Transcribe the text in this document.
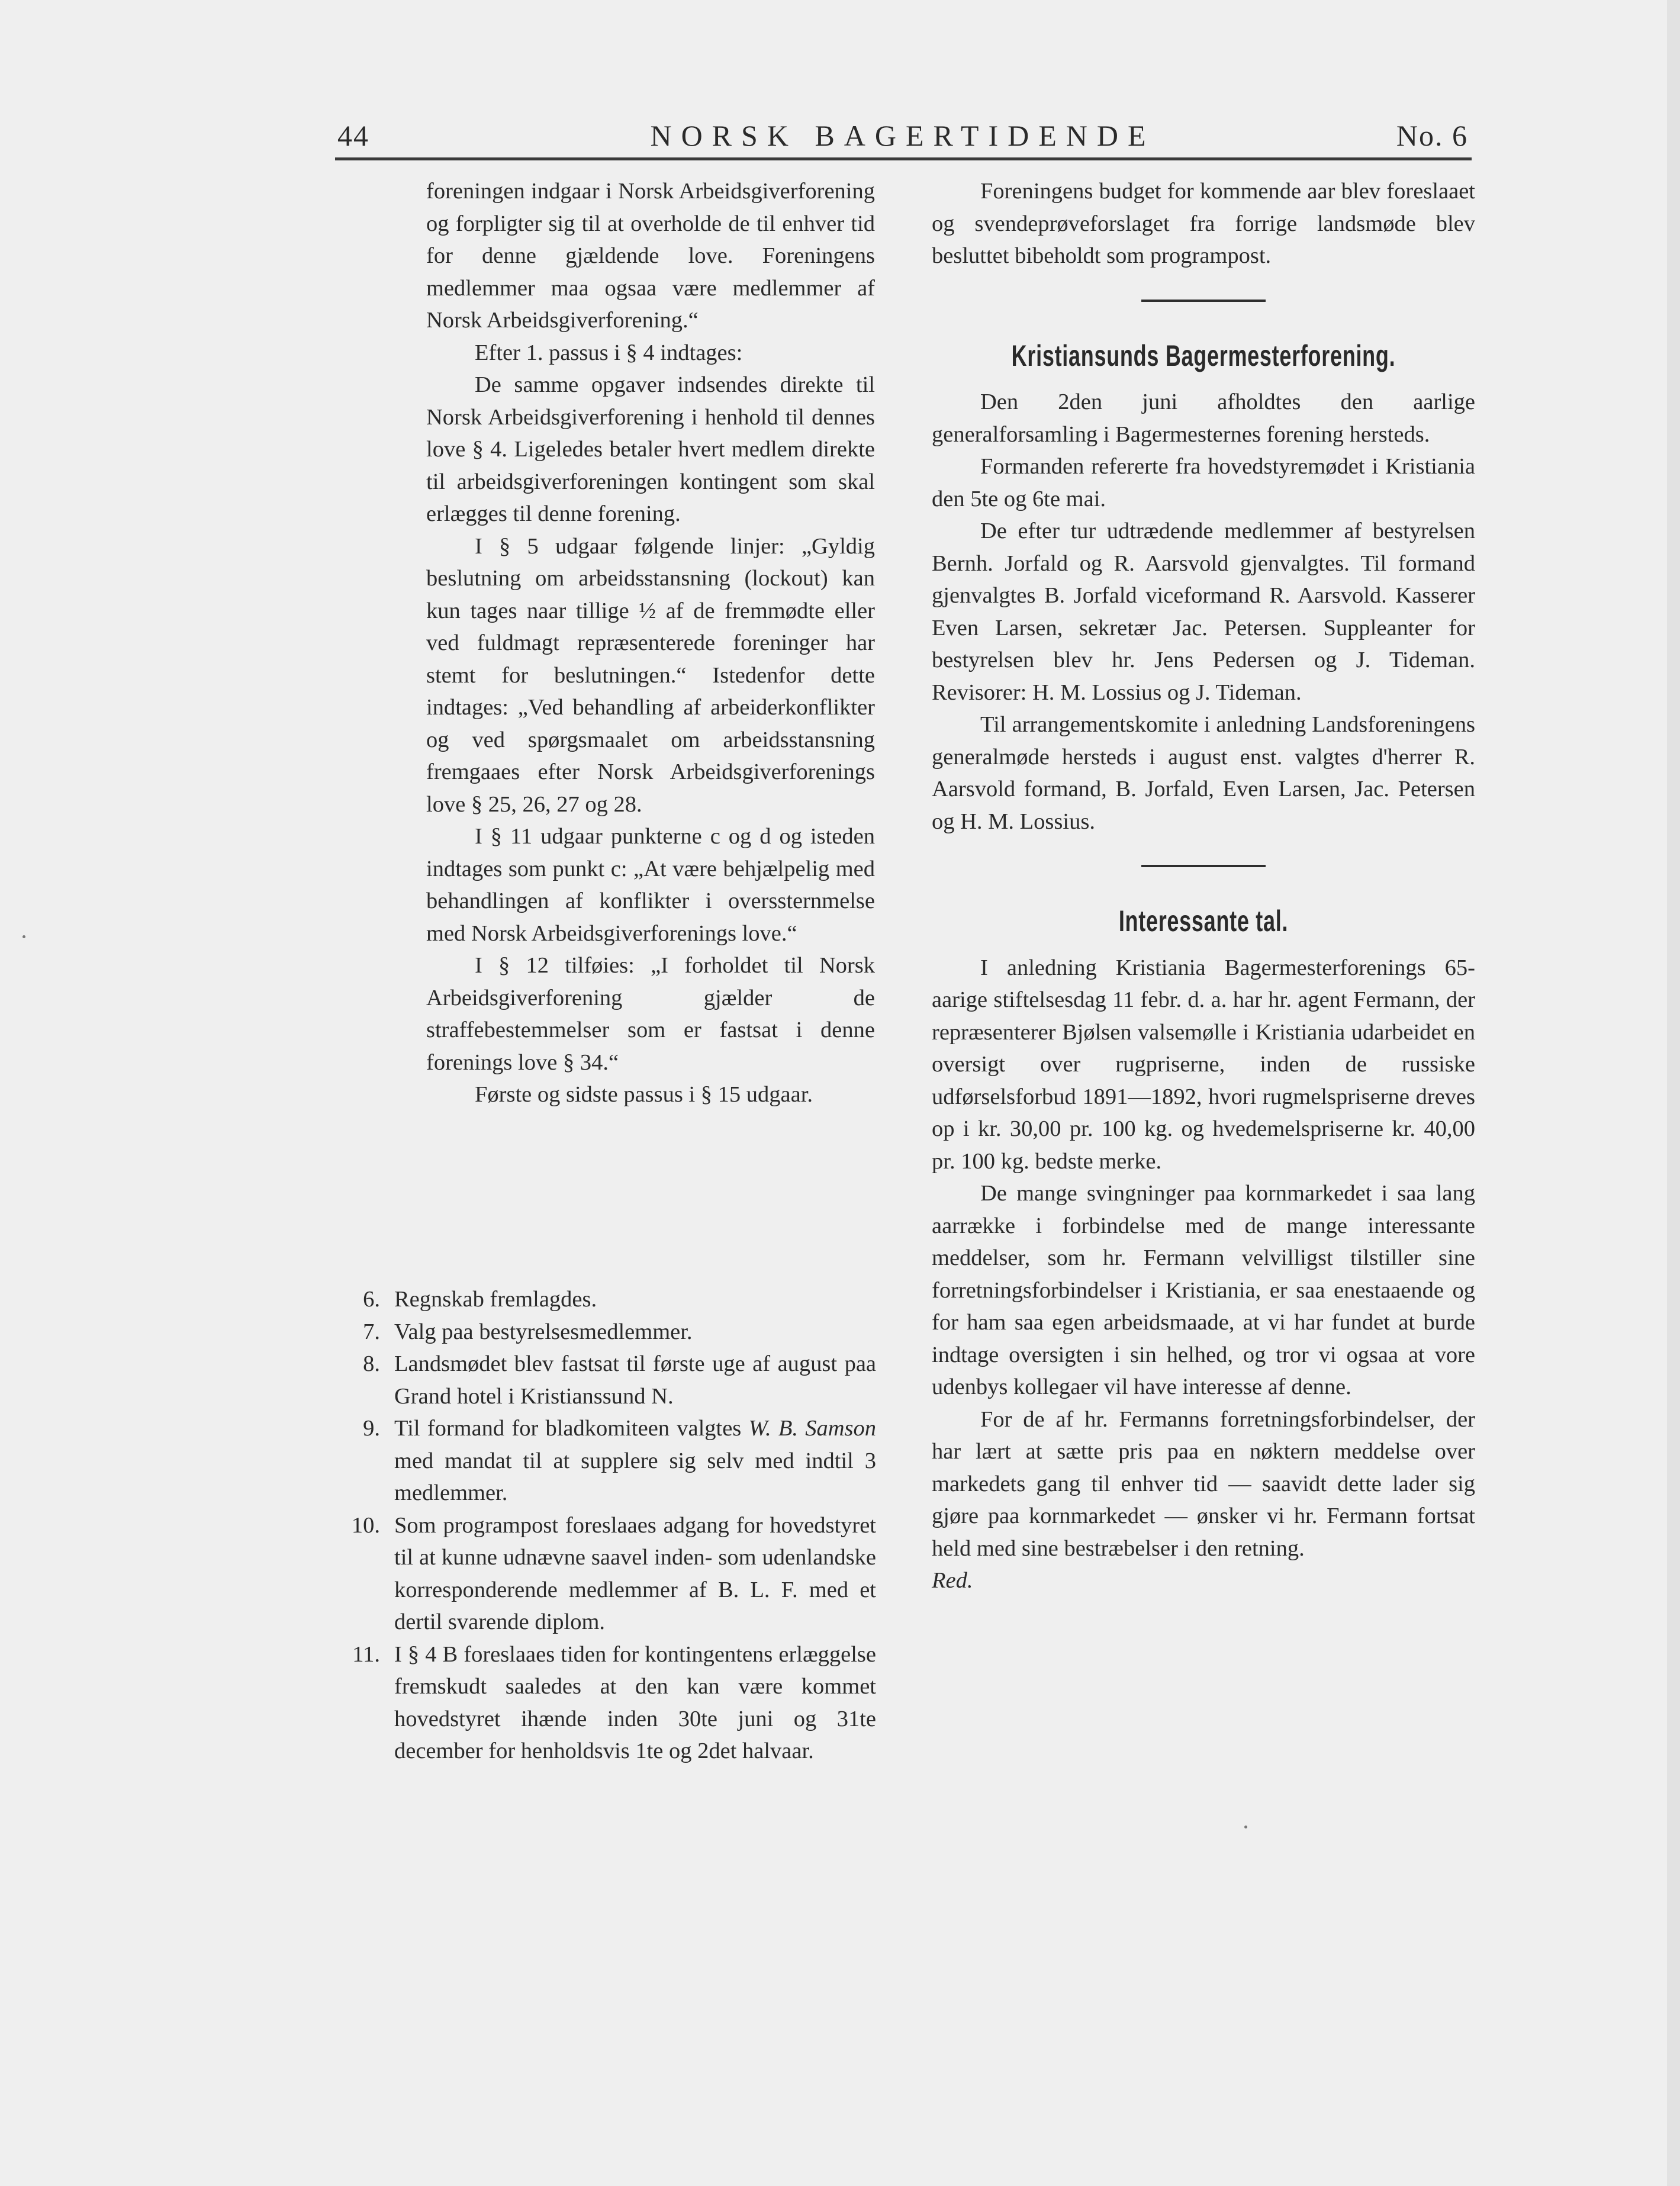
44	NORSK BAGERTIDENDE	No. 6

foreningen indgaar i Norsk Arbeidsgiverforening og forpligter sig til at overholde de til enhver tid for denne gjældende love. Foreningens medlemmer maa ogsaa være medlemmer af Norsk Arbeidsgiverforening.“

Efter 1. passus i § 4 indtages:

De samme opgaver indsendes direkte til Norsk Arbeidsgiverforening i henhold til dennes love § 4. Ligeledes betaler hvert medlem direkte til arbeidsgiverforeningen kontingent som skal erlægges til denne forening.

I § 5 udgaar følgende linjer: „Gyldig beslutning om arbeidsstansning (lockout) kan kun tages naar tillige ½ af de fremmødte eller ved fuldmagt repræsenterede foreninger har stemt for beslutningen.“ Istedenfor dette indtages: „Ved behandling af arbeiderkonflikter og ved spørgsmaalet om arbeidsstansning fremgaaes efter Norsk Arbeidsgiverforenings love § 25, 26, 27 og 28.

I § 11 udgaar punkterne c og d og isteden indtages som punkt c: „At være behjælpelig med behandlingen af konflikter i overssternmelse med Norsk Arbeidsgiverforenings love.“

I § 12 tilføies: „I forholdet til Norsk Arbeidsgiverforening gjælder de straffebestemmelser som er fastsat i denne forenings love § 34.“

Første og sidste passus i § 15 udgaar.

6. Regnskab fremlagdes.
7. Valg paa bestyrelsesmedlemmer.
8. Landsmødet blev fastsat til første uge af august paa Grand hotel i Kristianssund N.
9. Til formand for bladkomiteen valgtes W. B. Samson med mandat til at supplere sig selv med indtil 3 medlemmer.
10. Som programpost foreslaaes adgang for hovedstyret til at kunne udnævne saavel inden- som udenlandske korresponderende medlemmer af B. L. F. med et dertil svarende diplom.
11. I § 4 B foreslaaes tiden for kontingentens erlæggelse fremskudt saaledes at den kan være kommet hovedstyret ihænde inden 30te juni og 31te december for henholdsvis 1te og 2det halvaar.

Foreningens budget for kommende aar blev foreslaaet og svendeprøveforslaget fra forrige landsmøde blev besluttet bibeholdt som programpost.

Kristiansunds Bagermesterforening.

Den 2den juni afholdtes den aarlige generalforsamling i Bagermesternes forening hersteds.

Formanden refererte fra hovedstyremødet i Kristiania den 5te og 6te mai.

De efter tur udtrædende medlemmer af bestyrelsen Bernh. Jorfald og R. Aarsvold gjenvalgtes. Til formand gjenvalgtes B. Jorfald viceformand R. Aarsvold. Kasserer Even Larsen, sekretær Jac. Petersen. Suppleanter for bestyrelsen blev hr. Jens Pedersen og J. Tideman. Revisorer: H. M. Lossius og J. Tideman.

Til arrangementskomite i anledning Landsforeningens generalmøde hersteds i august enst. valgtes d'herrer R. Aarsvold formand, B. Jorfald, Even Larsen, Jac. Petersen og H. M. Lossius.

Interessante tal.

I anledning Kristiania Bagermesterforenings 65-aarige stiftelsesdag 11 febr. d. a. har hr. agent Fermann, der repræsenterer Bjølsen valsemølle i Kristiania udarbeidet en oversigt over rugpriserne, inden de russiske udførselsforbud 1891—1892, hvori rugmelspriserne dreves op i kr. 30,00 pr. 100 kg. og hvedemelspriserne kr. 40,00 pr. 100 kg. bedste merke.

De mange svingninger paa kornmarkedet i saa lang aarrække i forbindelse med de mange interessante meddelser, som hr. Fermann velvilligst tilstiller sine forretningsforbindelser i Kristiania, er saa enestaaende og for ham saa egen arbeidsmaade, at vi har fundet at burde indtage oversigten i sin helhed, og tror vi ogsaa at vore udenbys kollegaer vil have interesse af denne.

For de af hr. Fermanns forretningsforbindelser, der har lært at sætte pris paa en nøktern meddelse over markedets gang til enhver tid — saavidt dette lader sig gjøre paa kornmarkedet — ønsker vi hr. Fermann fortsat held med sine bestræbelser i den retning.

Red.
